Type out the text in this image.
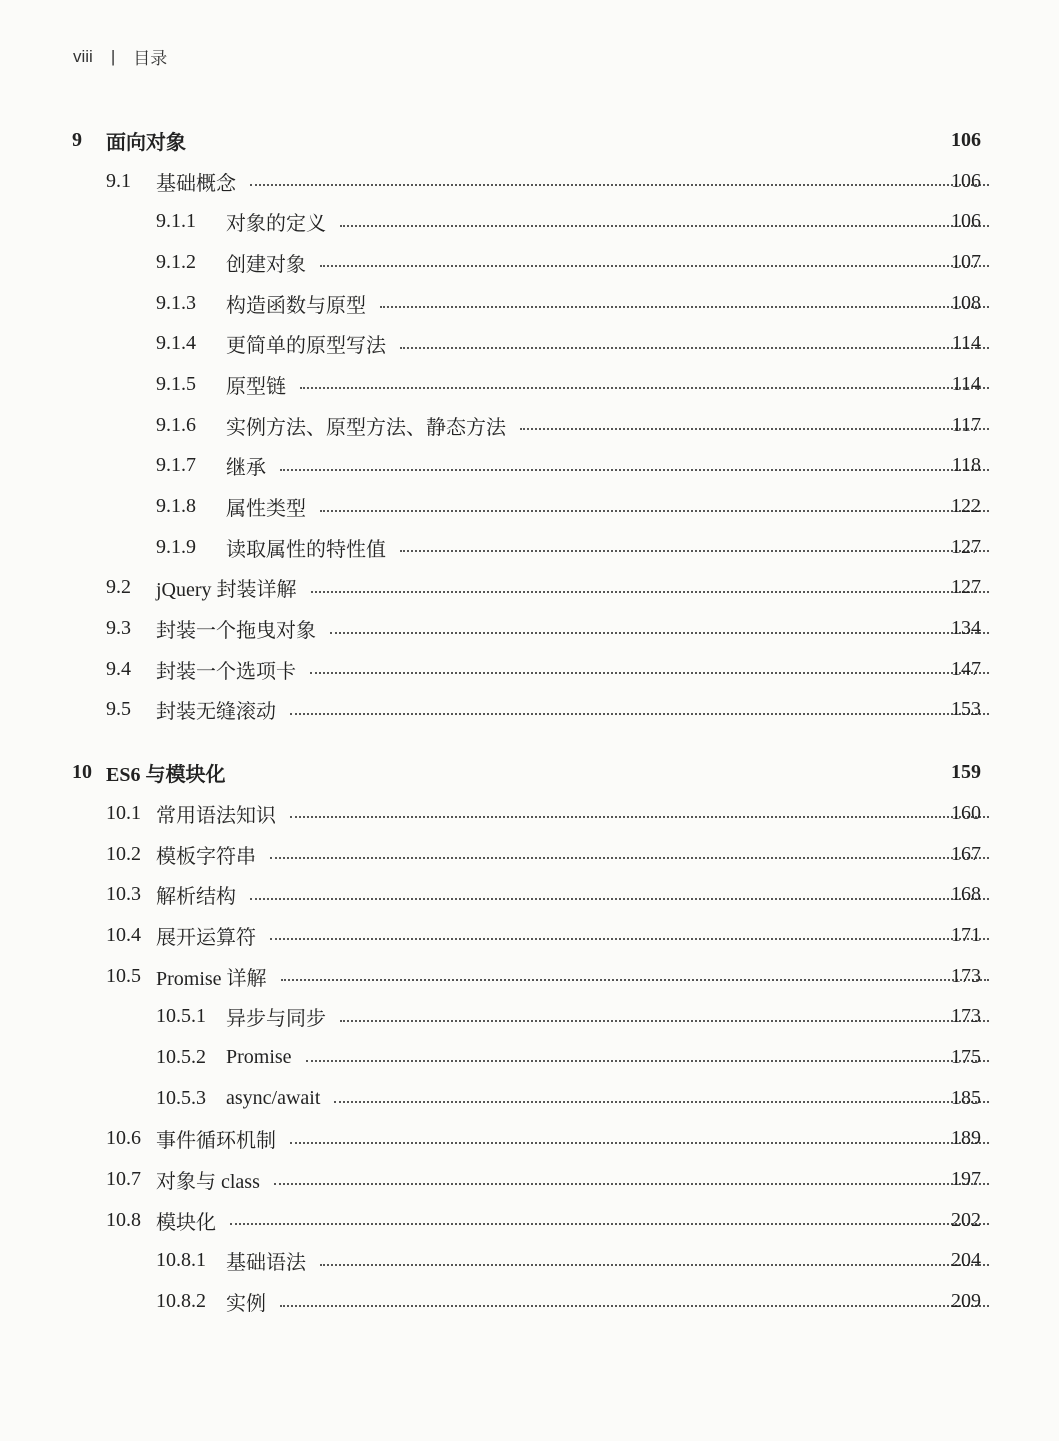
viii | 目录
9	面向对象	106
9.1	基础概念	106
9.1.1	对象的定义	106
9.1.2	创建对象	107
9.1.3	构造函数与原型	108
9.1.4	更简单的原型写法	114
9.1.5	原型链	114
9.1.6	实例方法、原型方法、静态方法	117
9.1.7	继承	118
9.1.8	属性类型	122
9.1.9	读取属性的特性值	127
9.2	jQuery 封装详解	127
9.3	封装一个拖曳对象	134
9.4	封装一个选项卡	147
9.5	封装无缝滚动	153
10 ES6 与模块化	159
10.1 常用语法知识	160
10.2 模板字符串	167
10.3 解析结构	168
10.4 展开运算符	171
10.5 Promise 详解	173
10.5.1	异步与同步	173
10.5.2	Promise	175
10.5.3	async/await	185
10.6 事件循环机制	189
10.7 对象与 class	197
10.8 模块化	202
10.8.1	基础语法	204
10.8.2	实例	209
